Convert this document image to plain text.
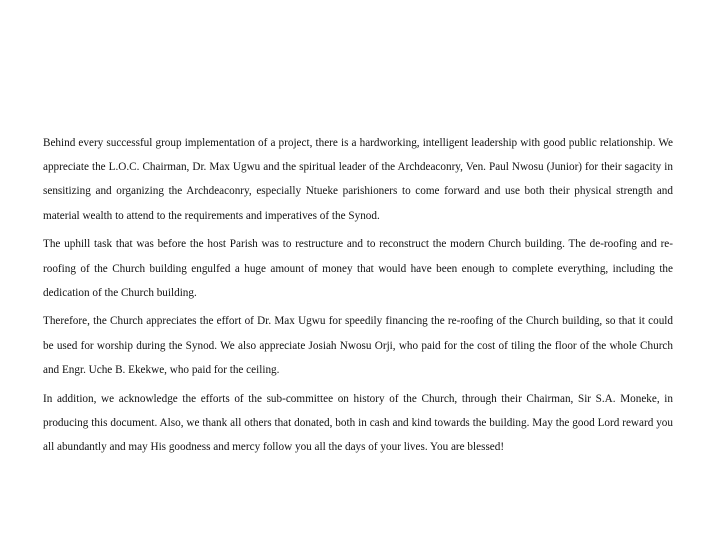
Behind every successful group implementation of a project, there is a hardworking, intelligent leadership with good public relationship. We appreciate the L.O.C. Chairman, Dr. Max Ugwu and the spiritual leader of the Archdeaconry, Ven. Paul Nwosu (Junior) for their sagacity in sensitizing and organizing the Archdeaconry, especially Ntueke parishioners to come forward and use both their physical strength and material wealth to attend to the requirements and imperatives of the Synod.

The uphill task that was before the host Parish was to restructure and to reconstruct the modern Church building. The de-roofing and re-roofing of the Church building engulfed a huge amount of money that would have been enough to complete everything, including the dedication of the Church building.

Therefore, the Church appreciates the effort of Dr. Max Ugwu for speedily financing the re-roofing of the Church building, so that it could be used for worship during the Synod. We also appreciate Josiah Nwosu Orji, who paid for the cost of tiling the floor of the whole Church and Engr. Uche B. Ekekwe, who paid for the ceiling.

In addition, we acknowledge the efforts of the sub-committee on history of the Church, through their Chairman, Sir S.A. Moneke, in producing this document. Also, we thank all others that donated, both in cash and kind towards the building. May the good Lord reward you all abundantly and may His goodness and mercy follow you all the days of your lives. You are blessed!
